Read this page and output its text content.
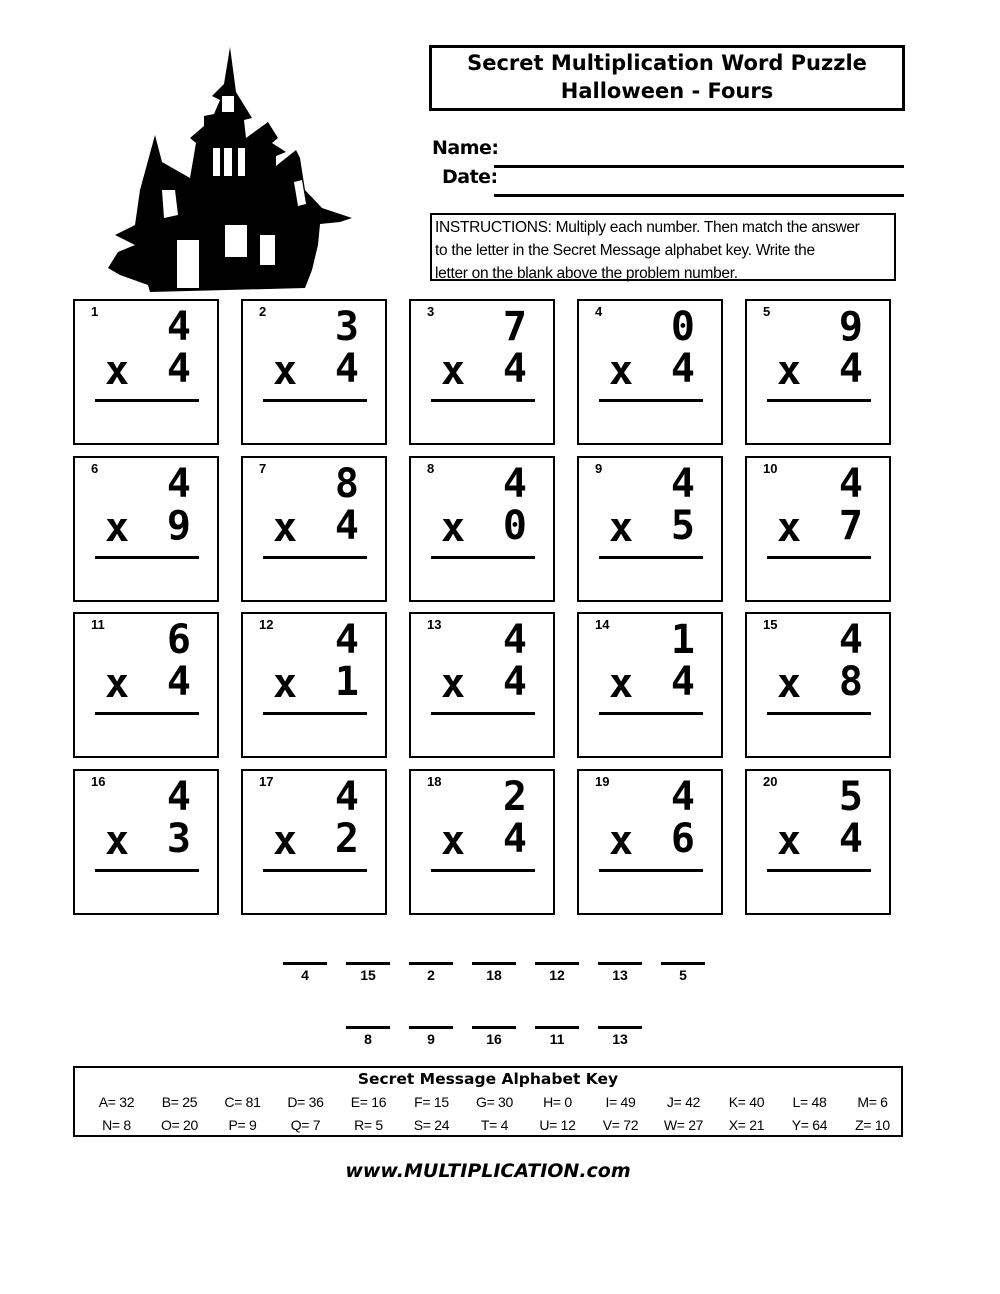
Secret Multiplication Word Puzzle
Halloween - Fours
Name:
Date:
INSTRUCTIONS: Multiply each number. Then match the answer
to the letter in the Secret Message alphabet key. Write the
letter on the blank above the problem number.
1 4
x 4
2 3
x 4
3 7
x 4
4 0
x 4
5 9
x 4
6 4
x 9
7 8
x 4
8 4
x 0
9 4
x 5
10 4
x 7
11 6
x 4
12 4
x 1
13 4
x 4
14 1
x 4
15 4
x 8
16 4
x 3
17 4
x 2
18 2
x 4
19 4
x 6
20 5
x 4
4	15	2	18	12	13	5
8	9	16	11	13
Secret Message Alphabet Key
A= 32	B= 25	C= 81	D= 36	E= 16	F= 15	G= 30	H= 0	I= 49	J= 42	K= 40	L= 48	M= 6
N= 8	O= 20	P= 9	Q= 7	R= 5	S= 24	T= 4	U= 12	V= 72	W= 27	X= 21	Y= 64	Z= 10
www.MULTIPLICATION.com
